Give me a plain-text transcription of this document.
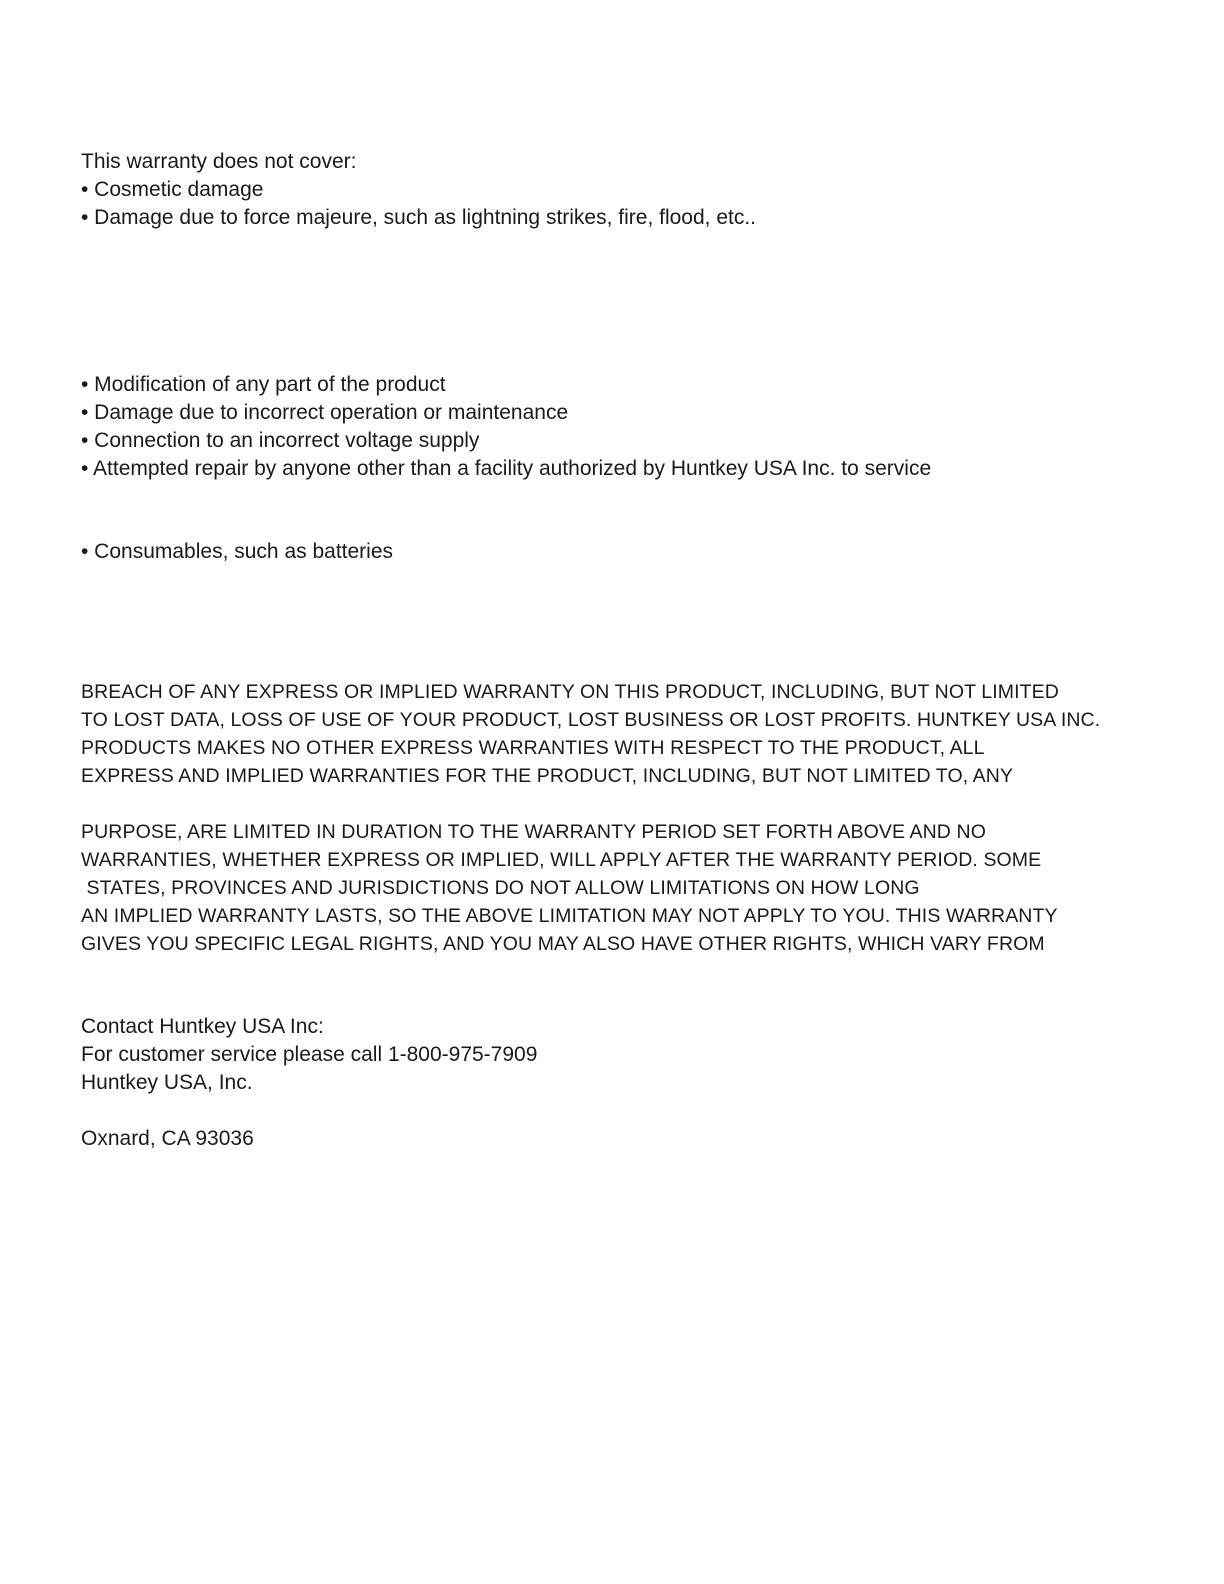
This warranty does not cover:

• Cosmetic damage

• Damage due to force majeure, such as lightning strikes, fire, flood, etc..

• Modification of any part of the product

• Damage due to incorrect operation or maintenance

• Connection to an incorrect voltage supply

• Attempted repair by anyone other than a facility authorized by Huntkey USA Inc. to service

• Consumables, such as batteries

BREACH OF ANY EXPRESS OR IMPLIED WARRANTY ON THIS PRODUCT, INCLUDING, BUT NOT LIMITED

TO LOST DATA, LOSS OF USE OF YOUR PRODUCT, LOST BUSINESS OR LOST PROFITS. HUNTKEY USA INC.

PRODUCTS MAKES NO OTHER EXPRESS WARRANTIES WITH RESPECT TO THE PRODUCT, ALL

EXPRESS AND IMPLIED WARRANTIES FOR THE PRODUCT, INCLUDING, BUT NOT LIMITED TO, ANY

PURPOSE, ARE LIMITED IN DURATION TO THE WARRANTY PERIOD SET FORTH ABOVE AND NO

WARRANTIES, WHETHER EXPRESS OR IMPLIED, WILL APPLY AFTER THE WARRANTY PERIOD. SOME

STATES, PROVINCES AND JURISDICTIONS DO NOT ALLOW LIMITATIONS ON HOW LONG

AN IMPLIED WARRANTY LASTS, SO THE ABOVE LIMITATION MAY NOT APPLY TO YOU. THIS WARRANTY

GIVES YOU SPECIFIC LEGAL RIGHTS, AND YOU MAY ALSO HAVE OTHER RIGHTS, WHICH VARY FROM

Contact Huntkey USA Inc:

For customer service please call 1-800-975-7909

Huntkey USA, Inc.

Oxnard, CA 93036
